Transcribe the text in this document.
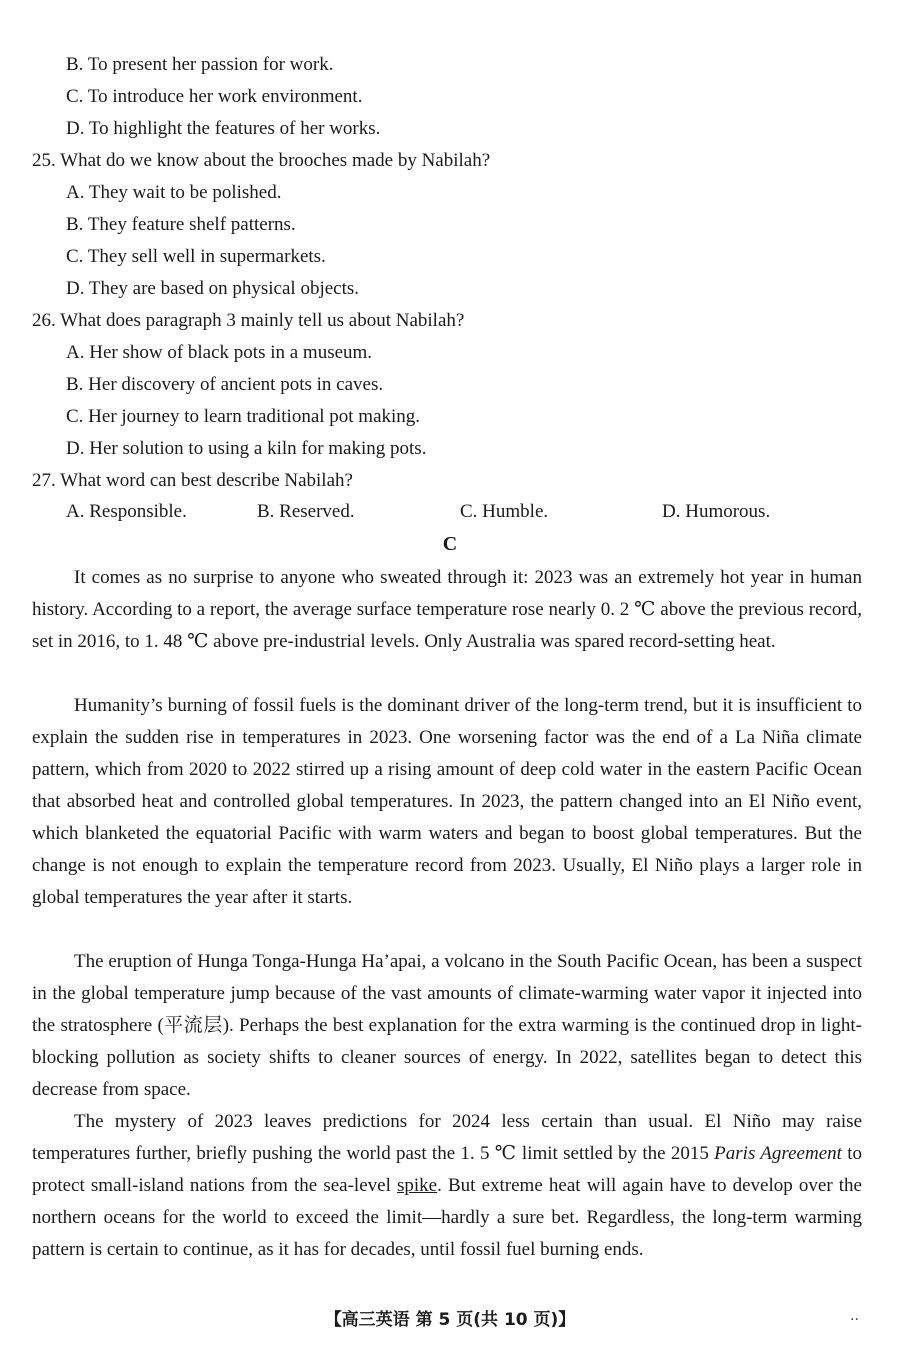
B. To present her passion for work.
C. To introduce her work environment.
D. To highlight the features of her works.
25. What do we know about the brooches made by Nabilah?
A. They wait to be polished.
B. They feature shelf patterns.
C. They sell well in supermarkets.
D. They are based on physical objects.
26. What does paragraph 3 mainly tell us about Nabilah?
A. Her show of black pots in a museum.
B. Her discovery of ancient pots in caves.
C. Her journey to learn traditional pot making.
D. Her solution to using a kiln for making pots.
27. What word can best describe Nabilah?
A. Responsible.	B. Reserved.	C. Humble.	D. Humorous.
C
It comes as no surprise to anyone who sweated through it: 2023 was an extremely hot year in human history. According to a report, the average surface temperature rose nearly 0. 2 ℃ above the previous record, set in 2016, to 1. 48 ℃ above pre-industrial levels. Only Australia was spared record-setting heat.
Humanity’s burning of fossil fuels is the dominant driver of the long-term trend, but it is insufficient to explain the sudden rise in temperatures in 2023. One worsening factor was the end of a La Niña climate pattern, which from 2020 to 2022 stirred up a rising amount of deep cold water in the eastern Pacific Ocean that absorbed heat and controlled global temperatures. In 2023, the pattern changed into an El Niño event, which blanketed the equatorial Pacific with warm waters and began to boost global temperatures. But the change is not enough to explain the temperature record from 2023. Usually, El Niño plays a larger role in global temperatures the year after it starts.
The eruption of Hunga Tonga-Hunga Ha’apai, a volcano in the South Pacific Ocean, has been a suspect in the global temperature jump because of the vast amounts of climate-warming water vapor it injected into the stratosphere (平流层). Perhaps the best explanation for the extra warming is the continued drop in light-blocking pollution as society shifts to cleaner sources of energy. In 2022, satellites began to detect this decrease from space.
The mystery of 2023 leaves predictions for 2024 less certain than usual. El Niño may raise temperatures further, briefly pushing the world past the 1. 5 ℃ limit settled by the 2015 Paris Agreement to protect small-island nations from the sea-level spike. But extreme heat will again have to develop over the northern oceans for the world to exceed the limit—hardly a sure bet. Regardless, the long-term warming pattern is certain to continue, as it has for decades, until fossil fuel burning ends.
【高三英语 第 5 页(共 10 页)】	··
